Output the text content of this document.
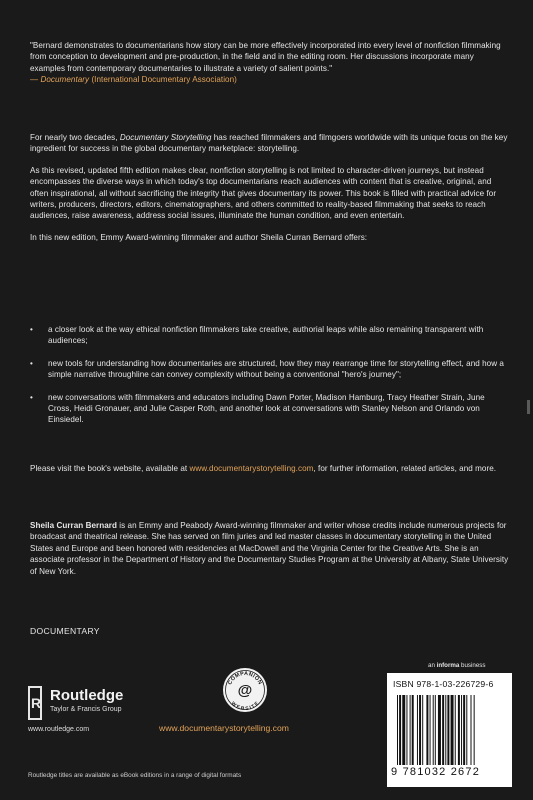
"Bernard demonstrates to documentarians how story can be more effectively incorporated into every level of nonfiction filmmaking from conception to development and pre-production, in the field and in the editing room. Her discussions incorporate many examples from contemporary documentaries to illustrate a variety of salient points."

— Documentary (International Documentary Association)

For nearly two decades, Documentary Storytelling has reached filmmakers and filmgoers worldwide with its unique focus on the key ingredient for success in the global documentary marketplace: storytelling.

As this revised, updated fifth edition makes clear, nonfiction storytelling is not limited to character-driven journeys, but instead encompasses the diverse ways in which today's top documentarians reach audiences with content that is creative, original, and often inspirational, all without sacrificing the integrity that gives documentary its power. This book is filled with practical advice for writers, producers, directors, editors, cinematographers, and others committed to reality-based filmmaking that seeks to reach audiences, raise awareness, address social issues, illuminate the human condition, and even entertain.

In this new edition, Emmy Award-winning filmmaker and author Sheila Curran Bernard offers:

• a closer look at the way ethical nonfiction filmmakers take creative, authorial leaps while also remaining transparent with audiences;
• new tools for understanding how documentaries are structured, how they may rearrange time for storytelling effect, and how a simple narrative throughline can convey complexity without being a conventional "hero's journey";
• new conversations with filmmakers and educators including Dawn Porter, Madison Hamburg, Tracy Heather Strain, June Cross, Heidi Gronauer, and Julie Casper Roth, and another look at conversations with Stanley Nelson and Orlando von Einsiedel.

Please visit the book's website, available at www.documentarystorytelling.com, for further information, related articles, and more.

Sheila Curran Bernard is an Emmy and Peabody Award-winning filmmaker and writer whose credits include numerous projects for broadcast and theatrical release. She has served on film juries and led master classes in documentary storytelling in the United States and Europe and been honored with residencies at MacDowell and the Virginia Center for the Creative Arts. She is an associate professor in the Department of History and the Documentary Studies Program at the University at Albany, State University of New York.

DOCUMENTARY
R Routledge
Taylor & Francis Group
www.routledge.com
COMPANION
WEBSITE
@
www.documentarystorytelling.com
an informa business
ISBN 978-1-03-226729-6
9 781032 2672
Routledge titles are available as eBook editions in a range of digital formats
